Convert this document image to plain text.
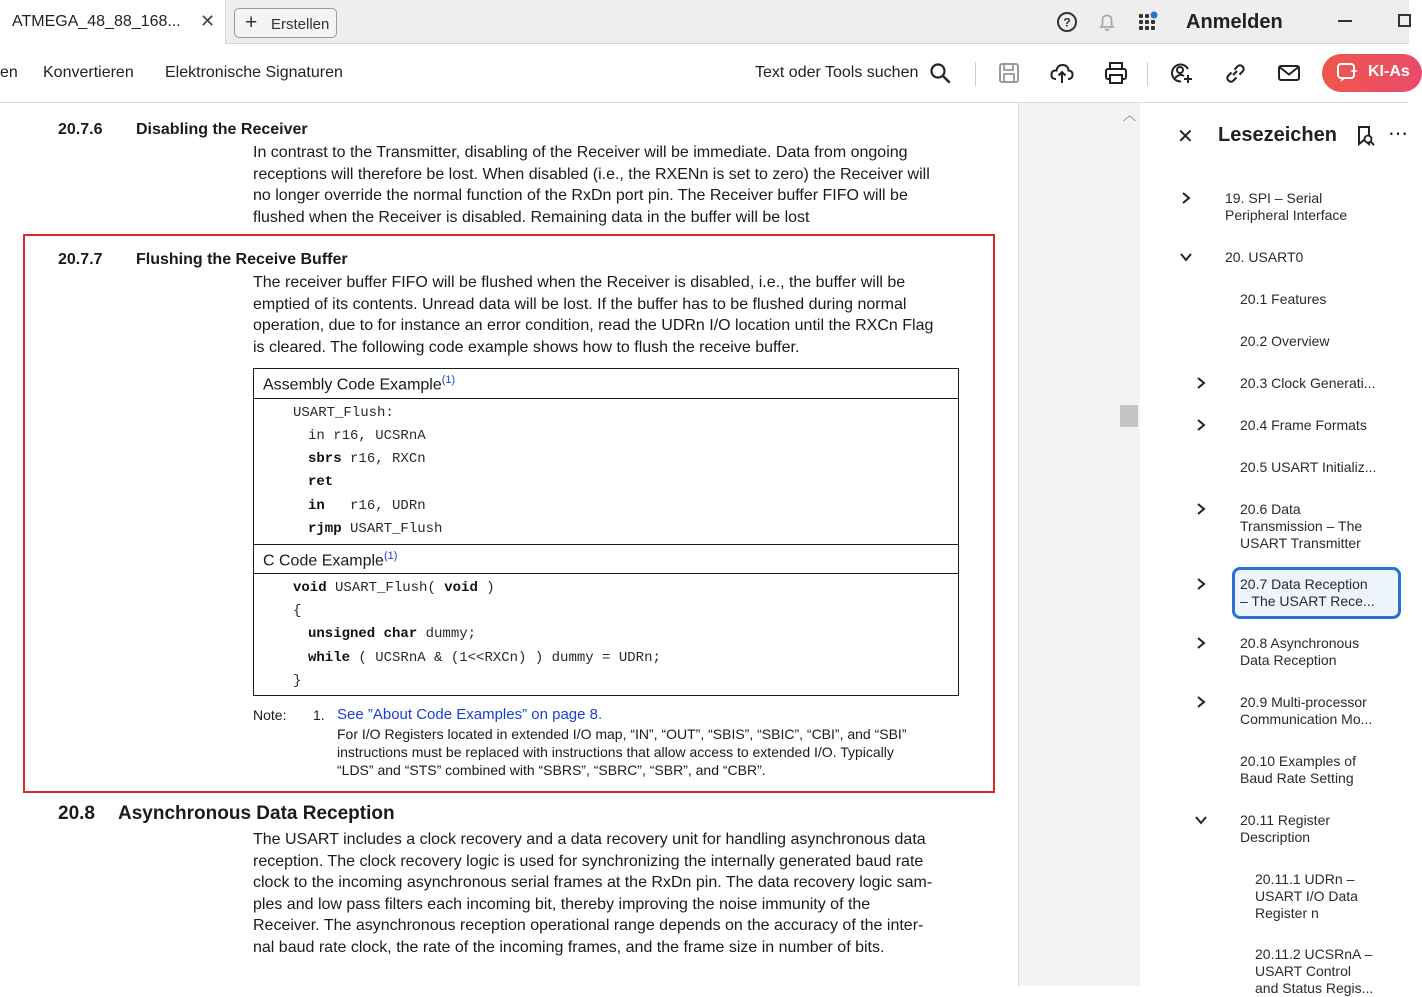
ATMEGA_48_88_168... ✕ + Erstellen	?	Anmelden
en Konvertieren Elektronische Signaturen	Text oder Tools suchen	KI-As
20.7.6 Disabling the Receiver
In contrast to the Transmitter, disabling of the Receiver will be immediate. Data from ongoing
receptions will therefore be lost. When disabled (i.e., the RXENn is set to zero) the Receiver will
no longer override the normal function of the RxDn port pin. The Receiver buffer FIFO will be
flushed when the Receiver is disabled. Remaining data in the buffer will be lost
20.7.7 Flushing the Receive Buffer
The receiver buffer FIFO will be flushed when the Receiver is disabled, i.e., the buffer will be
emptied of its contents. Unread data will be lost. If the buffer has to be flushed during normal
operation, due to for instance an error condition, read the UDRn I/O location until the RXCn Flag
is cleared. The following code example shows how to flush the receive buffer.
Assembly Code Example$^{(1)}$
USART_Flush:
in r16, UCSRnA
sbrs r16, RXCn
ret
in   r16, UDRn
rjmp USART_Flush
C Code Example$^{(1)}$
void USART_Flush( void )
{
unsigned char dummy;
while ( UCSRnA & (1<<RXCn) ) dummy = UDRn;
}
Note: 1. See ”About Code Examples” on page 8.
For I/O Registers located in extended I/O map, “IN”, “OUT”, “SBIS”, “SBIC”, “CBI”, and “SBI”
instructions must be replaced with instructions that allow access to extended I/O. Typically
“LDS” and “STS” combined with “SBRS”, “SBRC”, “SBR”, and “CBR”.
20.8 Asynchronous Data Reception
The USART includes a clock recovery and a data recovery unit for handling asynchronous data
reception. The clock recovery logic is used for synchronizing the internally generated baud rate
clock to the incoming asynchronous serial frames at the RxDn pin. The data recovery logic sam-
ples and low pass filters each incoming bit, thereby improving the noise immunity of the
Receiver. The asynchronous reception operational range depends on the accuracy of the inter-
nal baud rate clock, the rate of the incoming frames, and the frame size in number of bits.
︿
✕ Lesezeichen	⋯
19. SPI – Serial
Peripheral Interface
20. USART0
20.1 Features
20.2 Overview
20.3 Clock Generati...
20.4 Frame Formats
20.5 USART Initializ...
20.6 Data
Transmission – The
USART Transmitter
20.7 Data Reception
– The USART Rece...
20.8 Asynchronous
Data Reception
20.9 Multi-processor
Communication Mo...
20.10 Examples of
Baud Rate Setting
20.11 Register
Description
20.11.1 UDRn –
USART I/O Data
Register n
20.11.2 UCSRnA –
USART Control
and Status Regis...
